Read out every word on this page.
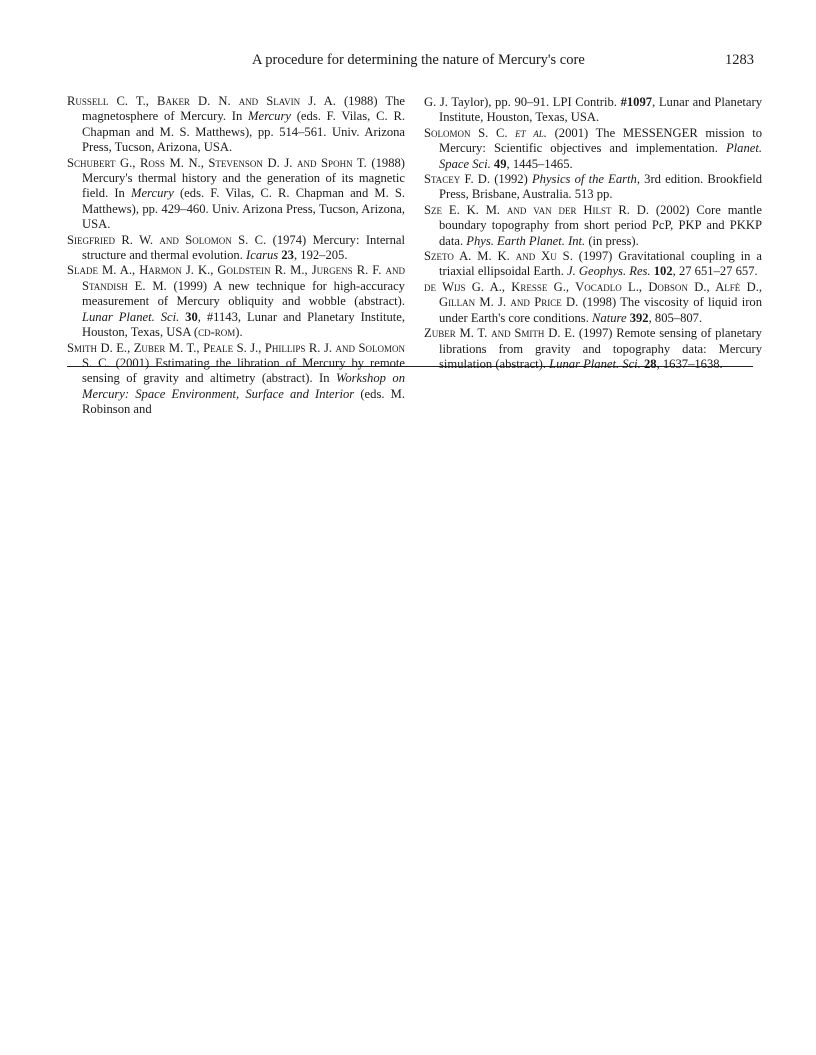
A procedure for determining the nature of Mercury's core	1283

Russell C. T., Baker D. N. and Slavin J. A. (1988) The magnetosphere of Mercury. In Mercury (eds. F. Vilas, C. R. Chapman and M. S. Matthews), pp. 514–561. Univ. Arizona Press, Tucson, Arizona, USA.

Schubert G., Ross M. N., Stevenson D. J. and Spohn T. (1988) Mercury's thermal history and the generation of its magnetic field. In Mercury (eds. F. Vilas, C. R. Chapman and M. S. Matthews), pp. 429–460. Univ. Arizona Press, Tucson, Arizona, USA.

Siegfried R. W. and Solomon S. C. (1974) Mercury: Internal structure and thermal evolution. Icarus 23, 192–205.

Slade M. A., Harmon J. K., Goldstein R. M., Jurgens R. F. and Standish E. M. (1999) A new technique for high-accuracy measurement of Mercury obliquity and wobble (abstract). Lunar Planet. Sci. 30, #1143, Lunar and Planetary Institute, Houston, Texas, USA (cd-rom).

Smith D. E., Zuber M. T., Peale S. J., Phillips R. J. and Solomon S. C. (2001) Estimating the libration of Mercury by remote sensing of gravity and altimetry (abstract). In Workshop on Mercury: Space Environment, Surface and Interior (eds. M. Robinson and

G. J. Taylor), pp. 90–91. LPI Contrib. #1097, Lunar and Planetary Institute, Houston, Texas, USA.

Solomon S. C. et al. (2001) The MESSENGER mission to Mercury: Scientific objectives and implementation. Planet. Space Sci. 49, 1445–1465.

Stacey F. D. (1992) Physics of the Earth, 3rd edition. Brookfield Press, Brisbane, Australia. 513 pp.

Sze E. K. M. and van der Hilst R. D. (2002) Core mantle boundary topography from short period PcP, PKP and PKKP data. Phys. Earth Planet. Int. (in press).

Szeto A. M. K. and Xu S. (1997) Gravitational coupling in a triaxial ellipsoidal Earth. J. Geophys. Res. 102, 27 651–27 657.

de Wijs G. A., Kresse G., Vocadlo L., Dobson D., Alfè D., Gillan M. J. and Price D. (1998) The viscosity of liquid iron under Earth's core conditions. Nature 392, 805–807.

Zuber M. T. and Smith D. E. (1997) Remote sensing of planetary librations from gravity and topography data: Mercury simulation (abstract). Lunar Planet. Sci. 28, 1637–1638.
